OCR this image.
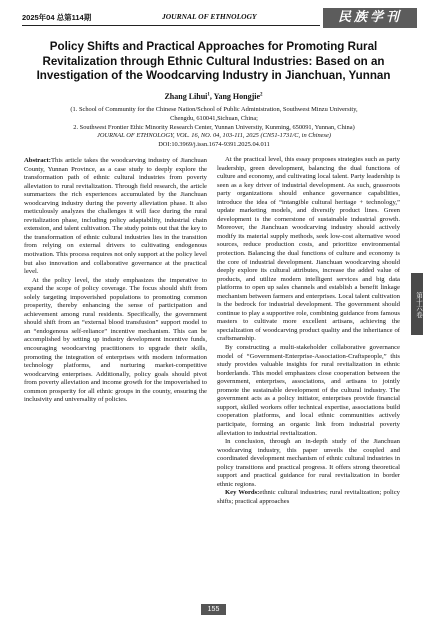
2025年04 总第114期	JOURNAL OF ETHNOLOGY	民族学刊
Policy Shifts and Practical Approaches for Promoting Rural
Revitalization through Ethnic Cultural Industries: Based on an
Investigation of the Woodcarving Industry in Jianchuan, Yunnan
Zhang Lihui$^1$, Yang Hongjie$^2$
(1. School of Community for the Chinese Nation/School of Public Administration, Southwest Minzu University,
Chengdu, 610041,Sichuan, China;
2. Southwest Frontier Ethic Minority Research Center, Yunnan Universtiy, Kunming, 650091, Yunnan, China)
JOURNAL OF ETHNOLOGY, VOL. 16, NO. 04, 103-111, 2025 (CN51-1731/C, in Chinese)
DOI:10.3969/j.issn.1674-9391.2025.04.011

Abstract:This article takes the woodcarving industry of Jianchuan County, Yunnan Province, as a case study to deeply explore the transformation path of ethnic cultural industries from poverty alleviation to rural revitalization. Through field research, the article summarizes the rich experiences accumulated by the Jianchuan woodcarving industry during the poverty alleviation phase. It also meticulously analyzes the challenges it will face during the rural revitalization phase, including policy adaptability, industrial chain extension, and talent cultivation. The study points out that the key to the transformation of ethnic cultural industries lies in the transition from relying on external drivers to cultivating endogenous motivation. This process requires not only support at the policy level but also innovation and collaborative governance at the practical level.

At the policy level, the study emphasizes the imperative to expand the scope of policy coverage. The focus should shift from solely targeting impoverished populations to promoting common prosperity, thereby enhancing the sense of participation and achievement among rural residents. Specifically, the government should shift from an “external blood transfusion” support model to an “endogenous self-reliance” incentive mechanism. This can be accomplished by setting up industry development incentive funds, encouraging woodcarving practitioners to upgrade their skills, promoting the integration of enterprises with modern information technology platforms, and nurturing market-competitive woodcarving enterprises. Additionally, policy goals should pivot from poverty alleviation and income growth for the impoverished to common prosperity for all ethnic groups in the county, ensuring the inclusivity and universality of policies.

At the practical level, this essay proposes strategies such as party leadership, green development, balancing the dual functions of culture and economy, and cultivating local talent. Party leadership is seen as a key driver of industrial development. As such, grassroots party organizations should enhance governance capabilities, introduce the idea of “intangible cultural heritage + technology,” update marketing models, and diversify product lines. Green development is the cornerstone of sustainable industrial growth. Moreover, the Jianchuan woodcarving industry should actively modify its material supply methods, seek low-cost alternative wood sources, reduce production costs, and prioritize environmental protection. Balancing the dual functions of culture and economy is the core of industrial development. Jianchuan woodcarving should deeply explore its cultural attributes, increase the added value of products, and utilize modern intelligent services and big data platforms to open up sales channels and establish a benefit linkage mechanism between farmers and enterprises. Local talent cultivation is the bedrock for industrial development. The government should continue to play a supportive role, combining guidance from famous masters to cultivate more excellent artisans, achieving the specialization of woodcarving product quality and the inheritance of craftsmanship.

By constructing a multi-stakeholder collaborative governance model of “Government-Enterprise-Association-Craftspeople,” this study provides valuable insights for rural revitalization in ethnic borderlands. This model emphasizes close cooperation between the government, enterprises, associations, and artisans to jointly promote the sustainable development of the cultural industry. The government acts as a policy initiator, enterprises provide financial support, skilled workers offer technical expertise, associations build cooperation platforms, and local ethnic communities actively participate, forming an organic link from industrial poverty alleviation to industrial revitalization.

In conclusion, through an in-depth study of the Jianchuan woodcarving industry, this paper unveils the coupled and coordinated development mechanism of ethnic cultural industries in policy transitions and practical progress. It offers strong theoretical support and practical guidance for rural revitalization in border ethnic regions.

Key Words:ethnic cultural industries; rural revitalization; policy shifts; practical approaches

第十六卷
155
